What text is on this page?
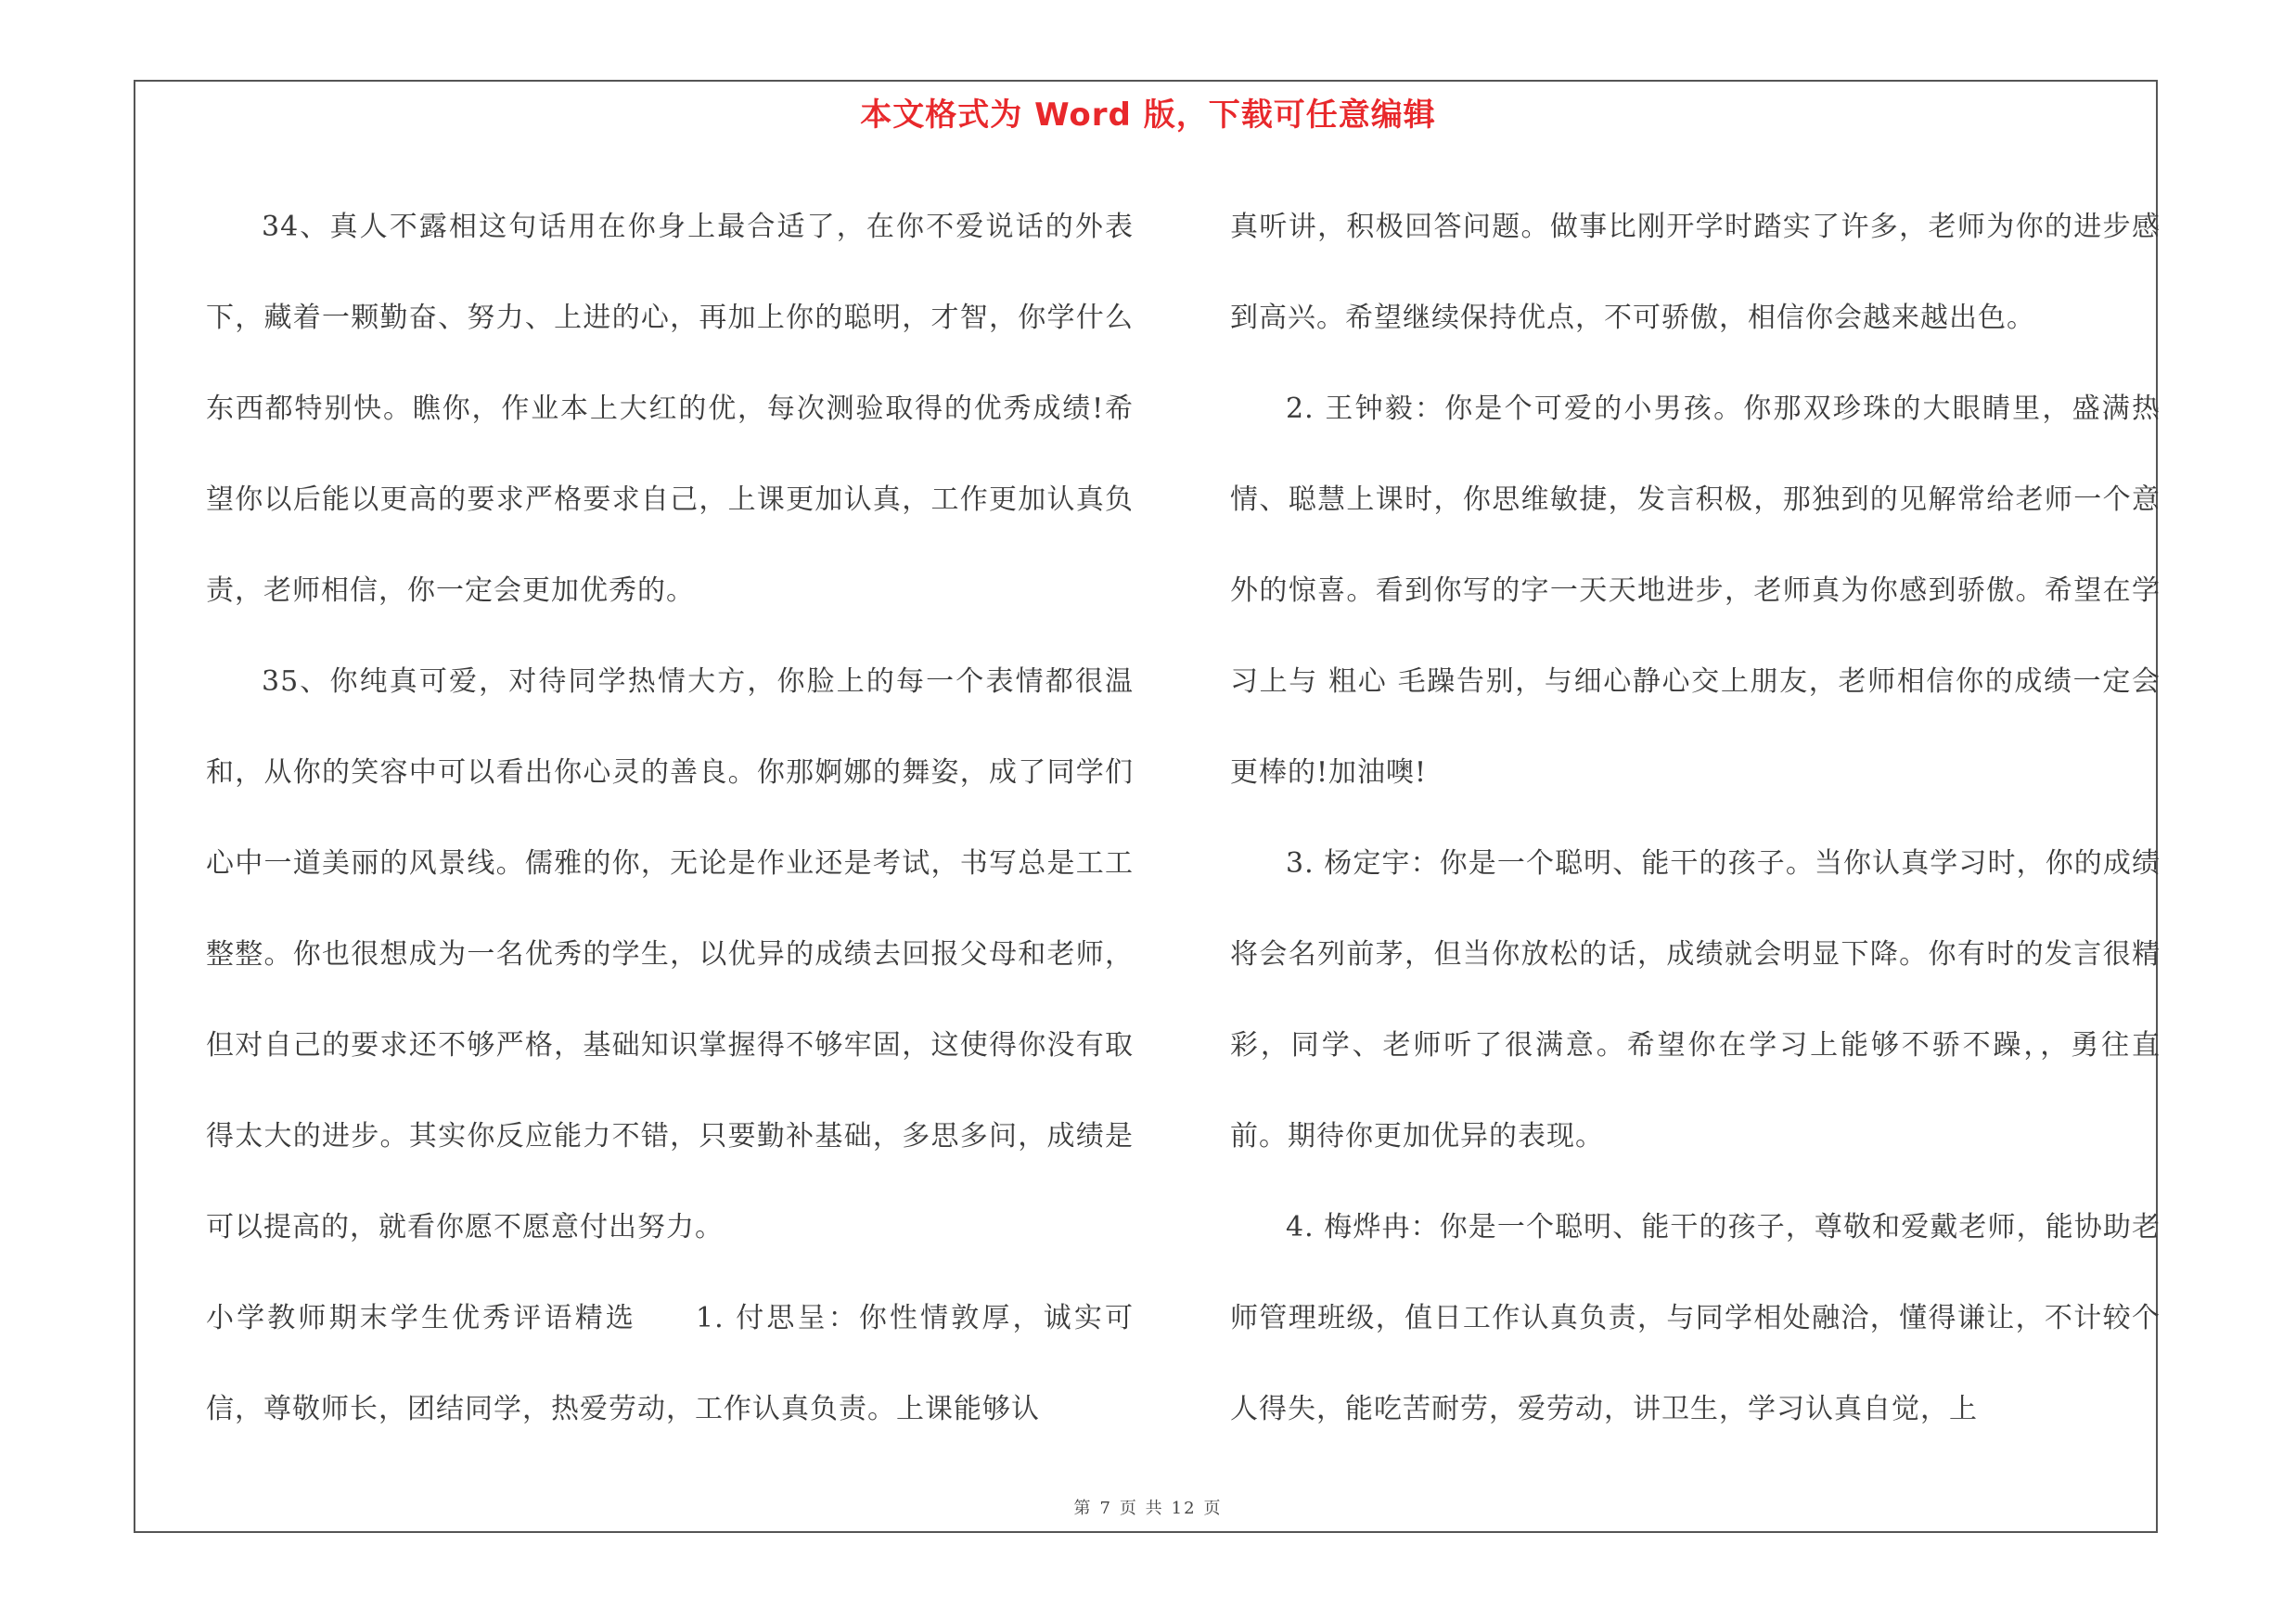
本文格式为 Word 版，下载可任意编辑

34、真人不露相这句话用在你身上最合适了，在你不爱说话的外表下，藏着一颗勤奋、努力、上进的心，再加上你的聪明，才智，你学什么东西都特别快。瞧你，作业本上大红的优，每次测验取得的优秀成绩!希望你以后能以更高的要求严格要求自己，上课更加认真，工作更加认真负责，老师相信，你一定会更加优秀的。

35、你纯真可爱，对待同学热情大方，你脸上的每一个表情都很温和，从你的笑容中可以看出你心灵的善良。你那婀娜的舞姿，成了同学们心中一道美丽的风景线。儒雅的你，无论是作业还是考试，书写总是工工整整。你也很想成为一名优秀的学生，以优异的成绩去回报父母和老师，但对自己的要求还不够严格，基础知识掌握得不够牢固，这使得你没有取得太大的进步。其实你反应能力不错，只要勤补基础，多思多问，成绩是可以提高的，就看你愿不愿意付出努力。

小学教师期末学生优秀评语精选 1. 付思呈：你性情敦厚，诚实可信，尊敬师长，团结同学，热爱劳动，工作认真负责。上课能够认

真听讲，积极回答问题。做事比刚开学时踏实了许多，老师为你的进步感到高兴。希望继续保持优点，不可骄傲，相信你会越来越出色。

2. 王钟毅：你是个可爱的小男孩。你那双珍珠的大眼睛里，盛满热情、聪慧上课时，你思维敏捷，发言积极，那独到的见解常给老师一个意外的惊喜。看到你写的字一天天地进步，老师真为你感到骄傲。希望在学习上与 粗心 毛躁告别，与细心静心交上朋友，老师相信你的成绩一定会更棒的!加油噢!

3. 杨定宇：你是一个聪明、能干的孩子。当你认真学习时，你的成绩将会名列前茅，但当你放松的话，成绩就会明显下降。你有时的发言很精彩，同学、老师听了很满意。希望你在学习上能够不骄不躁，，勇往直前。期待你更加优异的表现。

4. 梅烨冉：你是一个聪明、能干的孩子，尊敬和爱戴老师，能协助老师管理班级，值日工作认真负责，与同学相处融洽，懂得谦让，不计较个人得失，能吃苦耐劳，爱劳动，讲卫生，学习认真自觉，上

第 7 页 共 12 页
